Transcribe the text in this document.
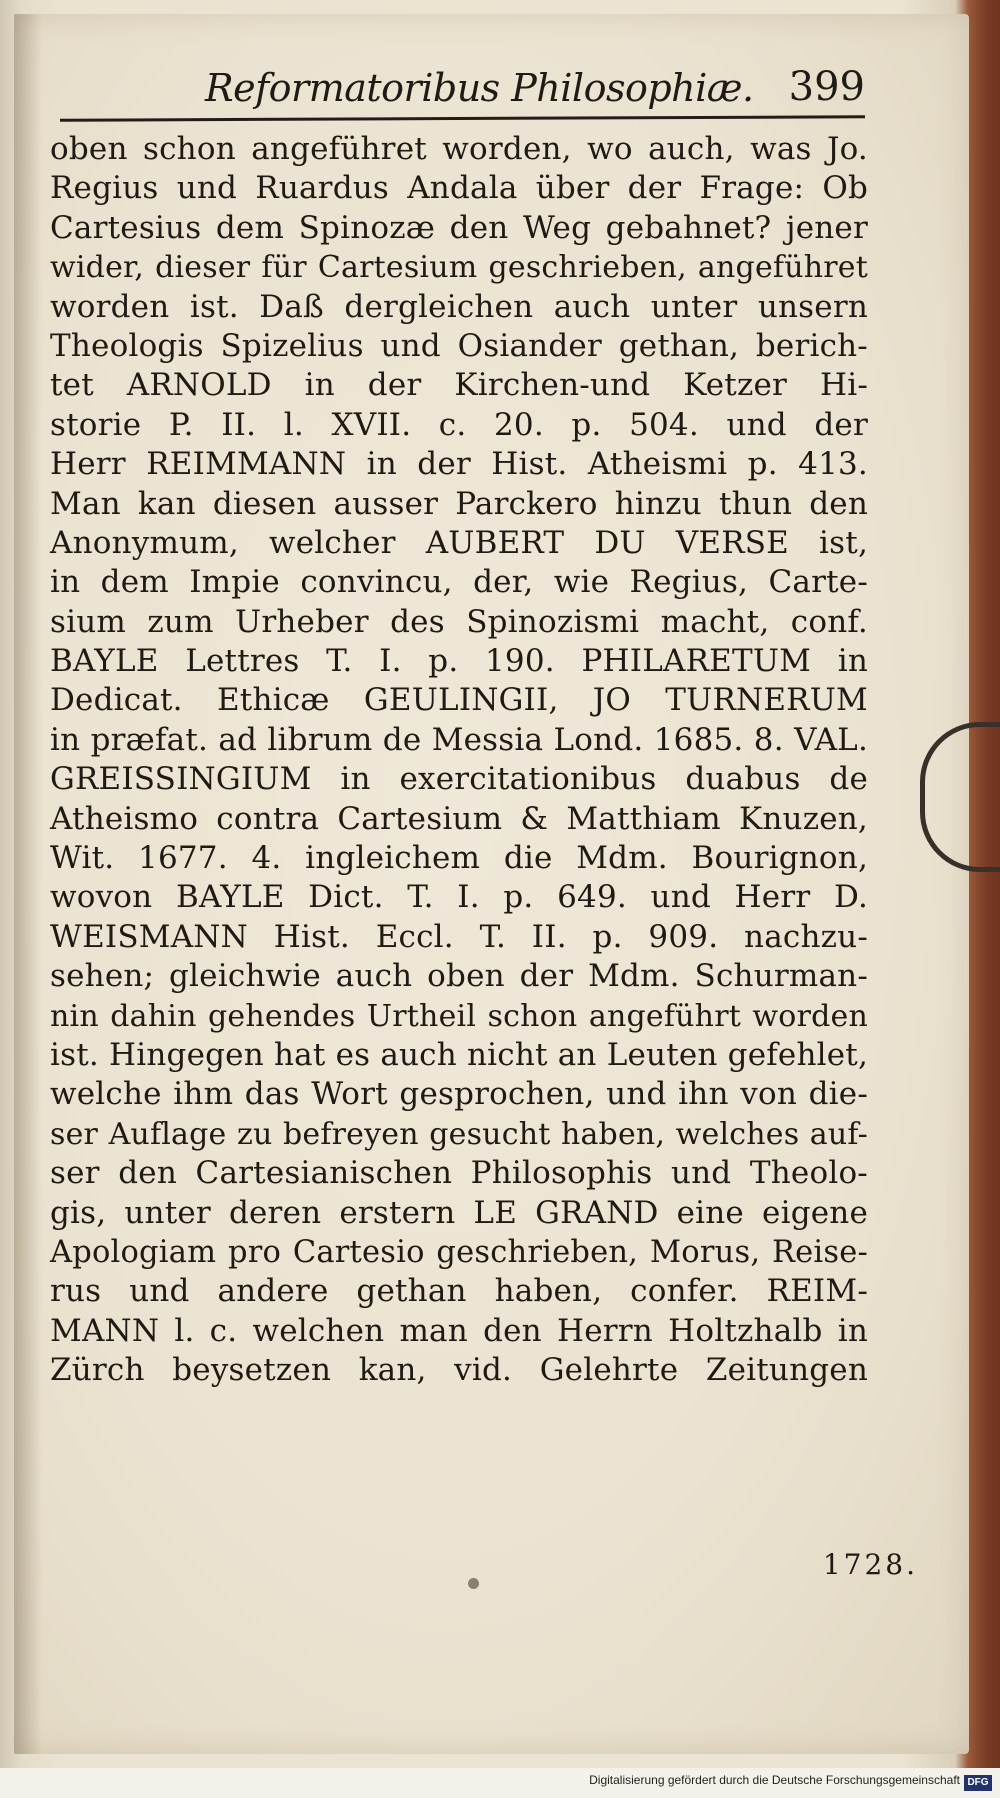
Reformatoribus Philosophiæ. 399
oben schon angeführet worden, wo auch, was Jo.
Regius und Ruardus Andala über der Frage: Ob
Cartesius dem Spinozæ den Weg gebahnet? jener
wider, dieser für Cartesium geschrieben, angeführet
worden ist. Daß dergleichen auch unter unsern
Theologis Spizelius und Osiander gethan, berich-
tet ARNOLD in der Kirchen-und Ketzer Hi-
storie P. II. l. XVII. c. 20. p. 504. und der
Herr REIMMANN in der Hist. Atheismi p. 413.
Man kan diesen ausser Parckero hinzu thun den
Anonymum, welcher AUBERT DU VERSE ist,
in dem Impie convincu, der, wie Regius, Carte-
sium zum Urheber des Spinozismi macht, conf.
BAYLE Lettres T. I. p. 190. PHILARETUM in
Dedicat. Ethicæ GEULINGII, JO TURNERUM
in præfat. ad librum de Messia Lond. 1685. 8. VAL.
GREISSINGIUM in exercitationibus duabus de
Atheismo contra Cartesium & Matthiam Knuzen,
Wit. 1677. 4. ingleichem die Mdm. Bourignon,
wovon BAYLE Dict. T. I. p. 649. und Herr D.
WEISMANN Hist. Eccl. T. II. p. 909. nachzu-
sehen; gleichwie auch oben der Mdm. Schurman-
nin dahin gehendes Urtheil schon angeführt worden
ist. Hingegen hat es auch nicht an Leuten gefehlet,
welche ihm das Wort gesprochen, und ihn von die-
ser Auflage zu befreyen gesucht haben, welches auf-
ser den Cartesianischen Philosophis und Theolo-
gis, unter deren erstern LE GRAND eine eigene
Apologiam pro Cartesio geschrieben, Morus, Reise-
rus und andere gethan haben, confer. REIM-
MANN l. c. welchen man den Herrn Holtzhalb in
Zürch beysetzen kan, vid. Gelehrte Zeitungen
1728.
Digitalisierung gefördert durch die Deutsche Forschungsgemeinschaft DFG
